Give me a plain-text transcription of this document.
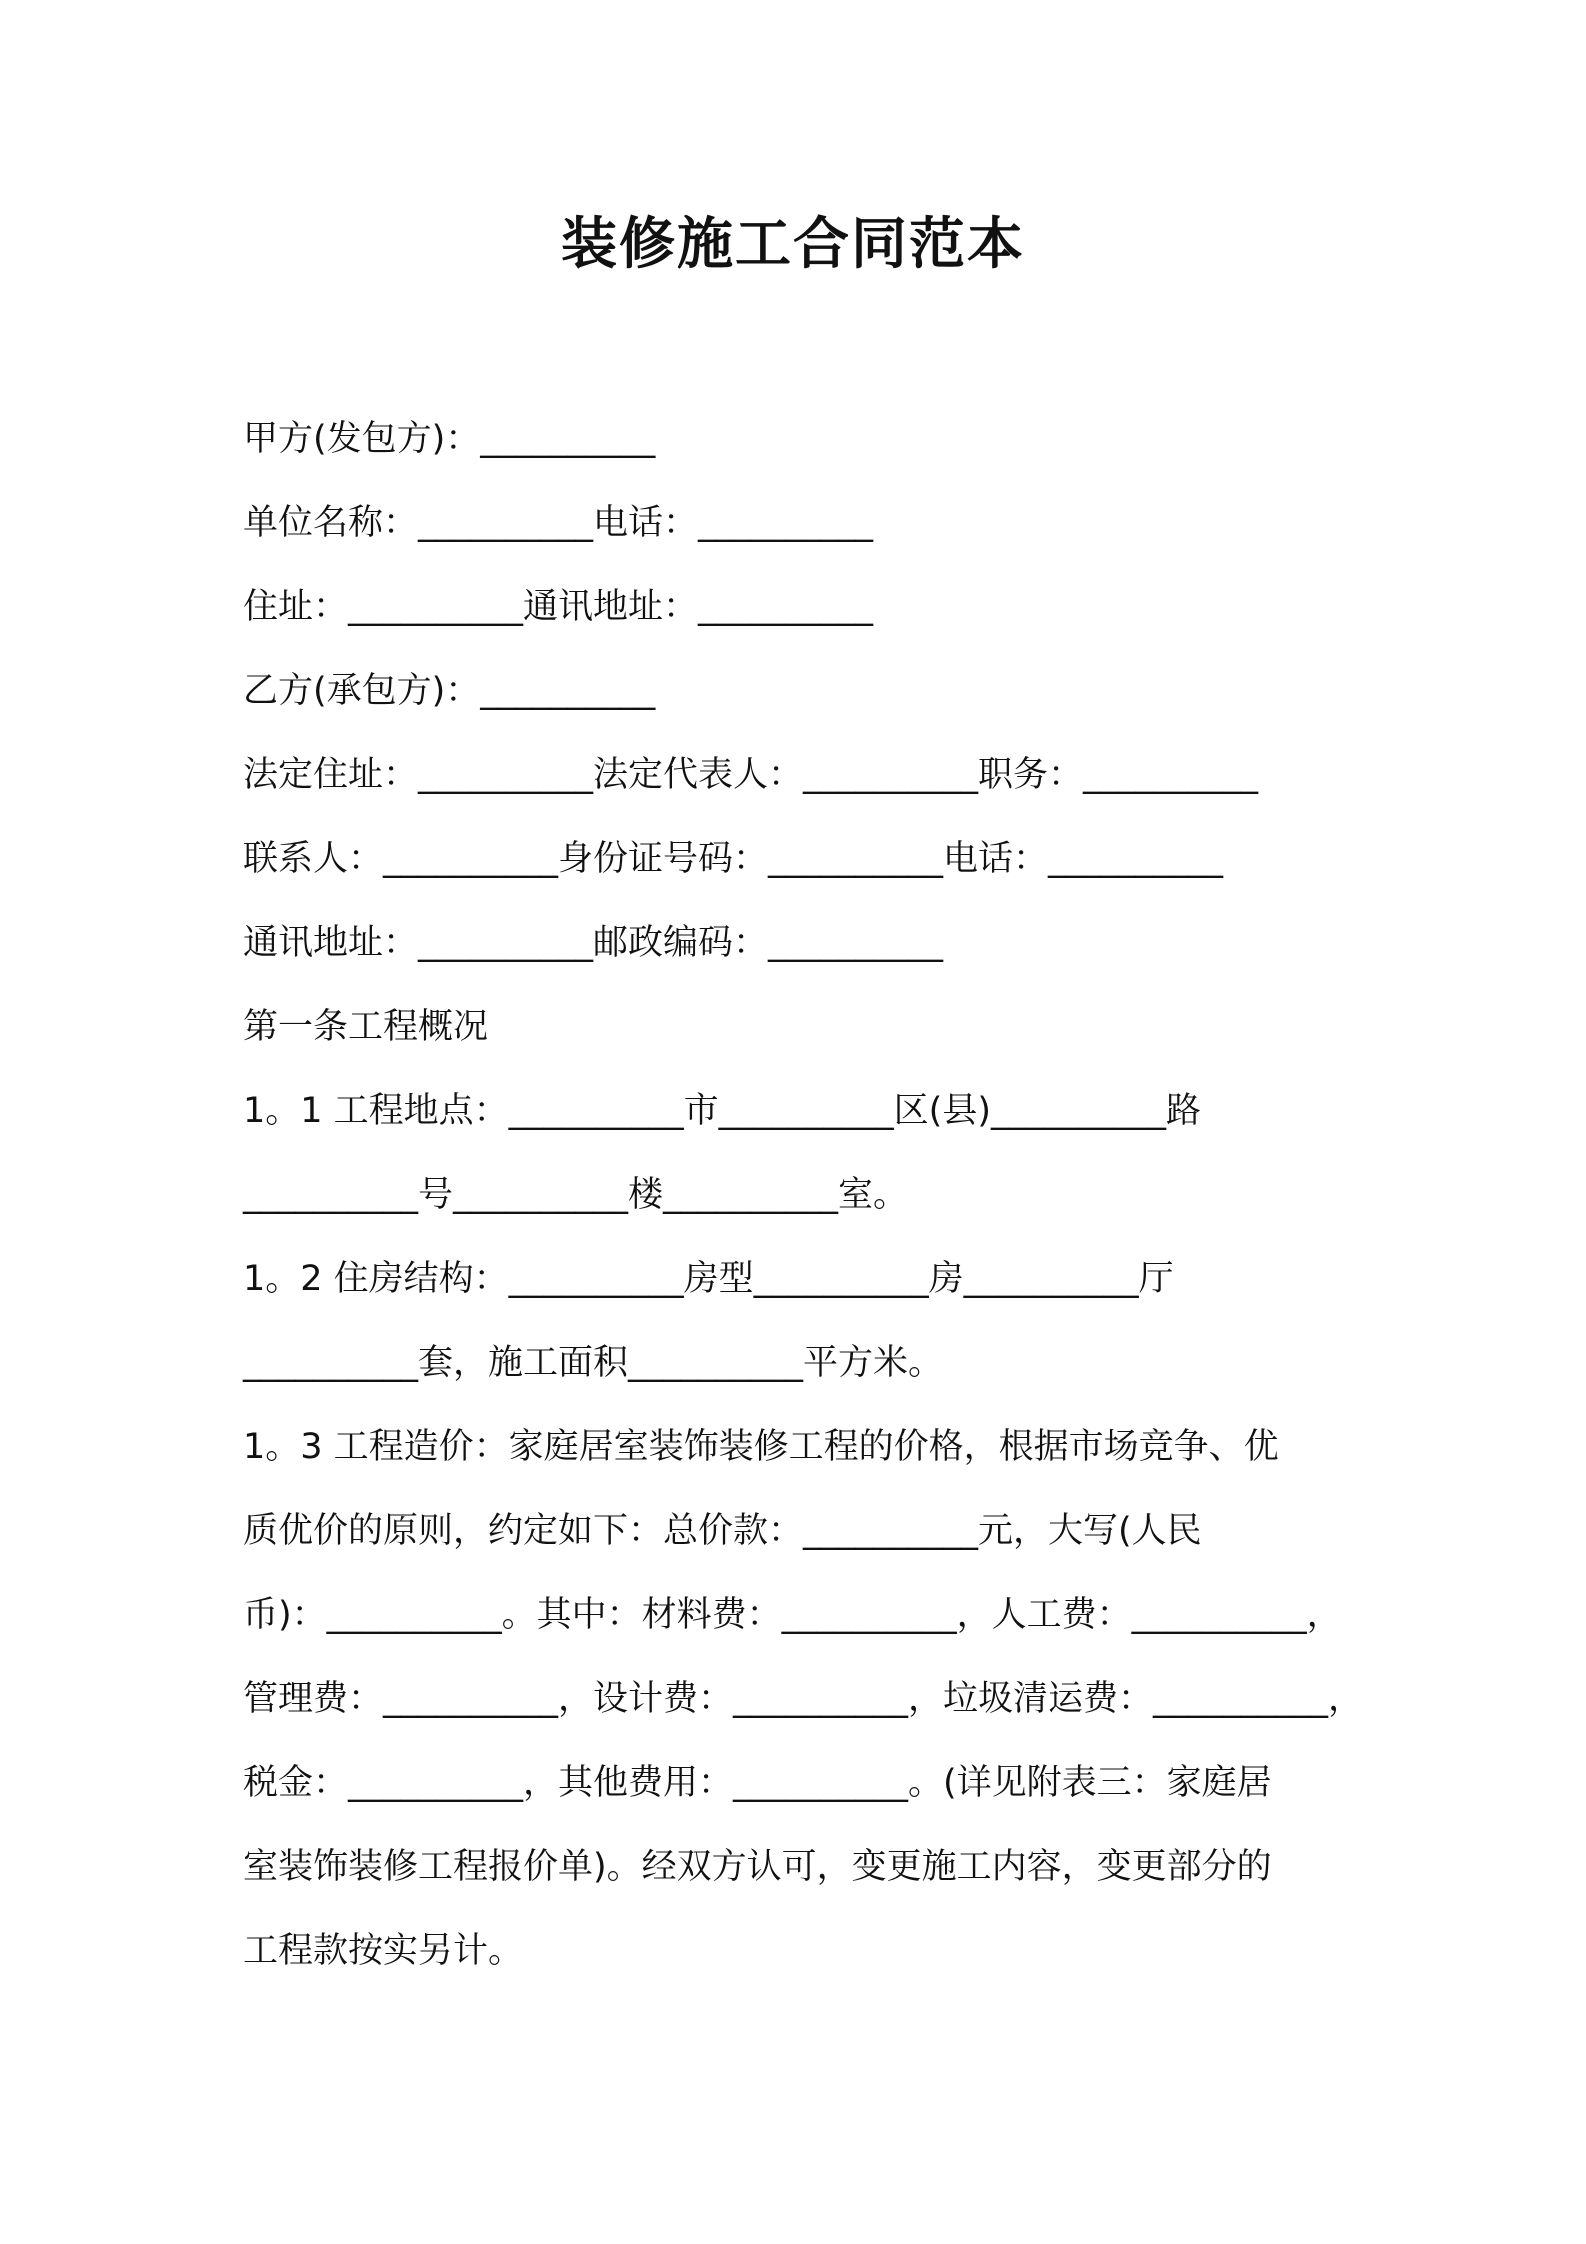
装修施工合同范本
甲方(发包方)：__________
单位名称：__________电话：__________
住址：__________通讯地址：__________
乙方(承包方)：__________
法定住址：__________法定代表人：__________职务：__________
联系人：__________身份证号码：__________电话：__________
通讯地址：__________邮政编码：__________
第一条工程概况
1。1 工程地点：__________市__________区(县)__________路
__________号__________楼__________室。
1。2 住房结构：__________房型__________房__________厅
__________套，施工面积__________平方米。
1。3 工程造价：家庭居室装饰装修工程的价格，根据市场竞争、优
质优价的原则，约定如下：总价款：__________元，大写(人民
币)：__________。其中：材料费：__________，人工费：__________，
管理费：__________，设计费：__________，垃圾清运费：__________，
税金：__________，其他费用：__________。(详见附表三：家庭居
室装饰装修工程报价单)。经双方认可，变更施工内容，变更部分的
工程款按实另计。
